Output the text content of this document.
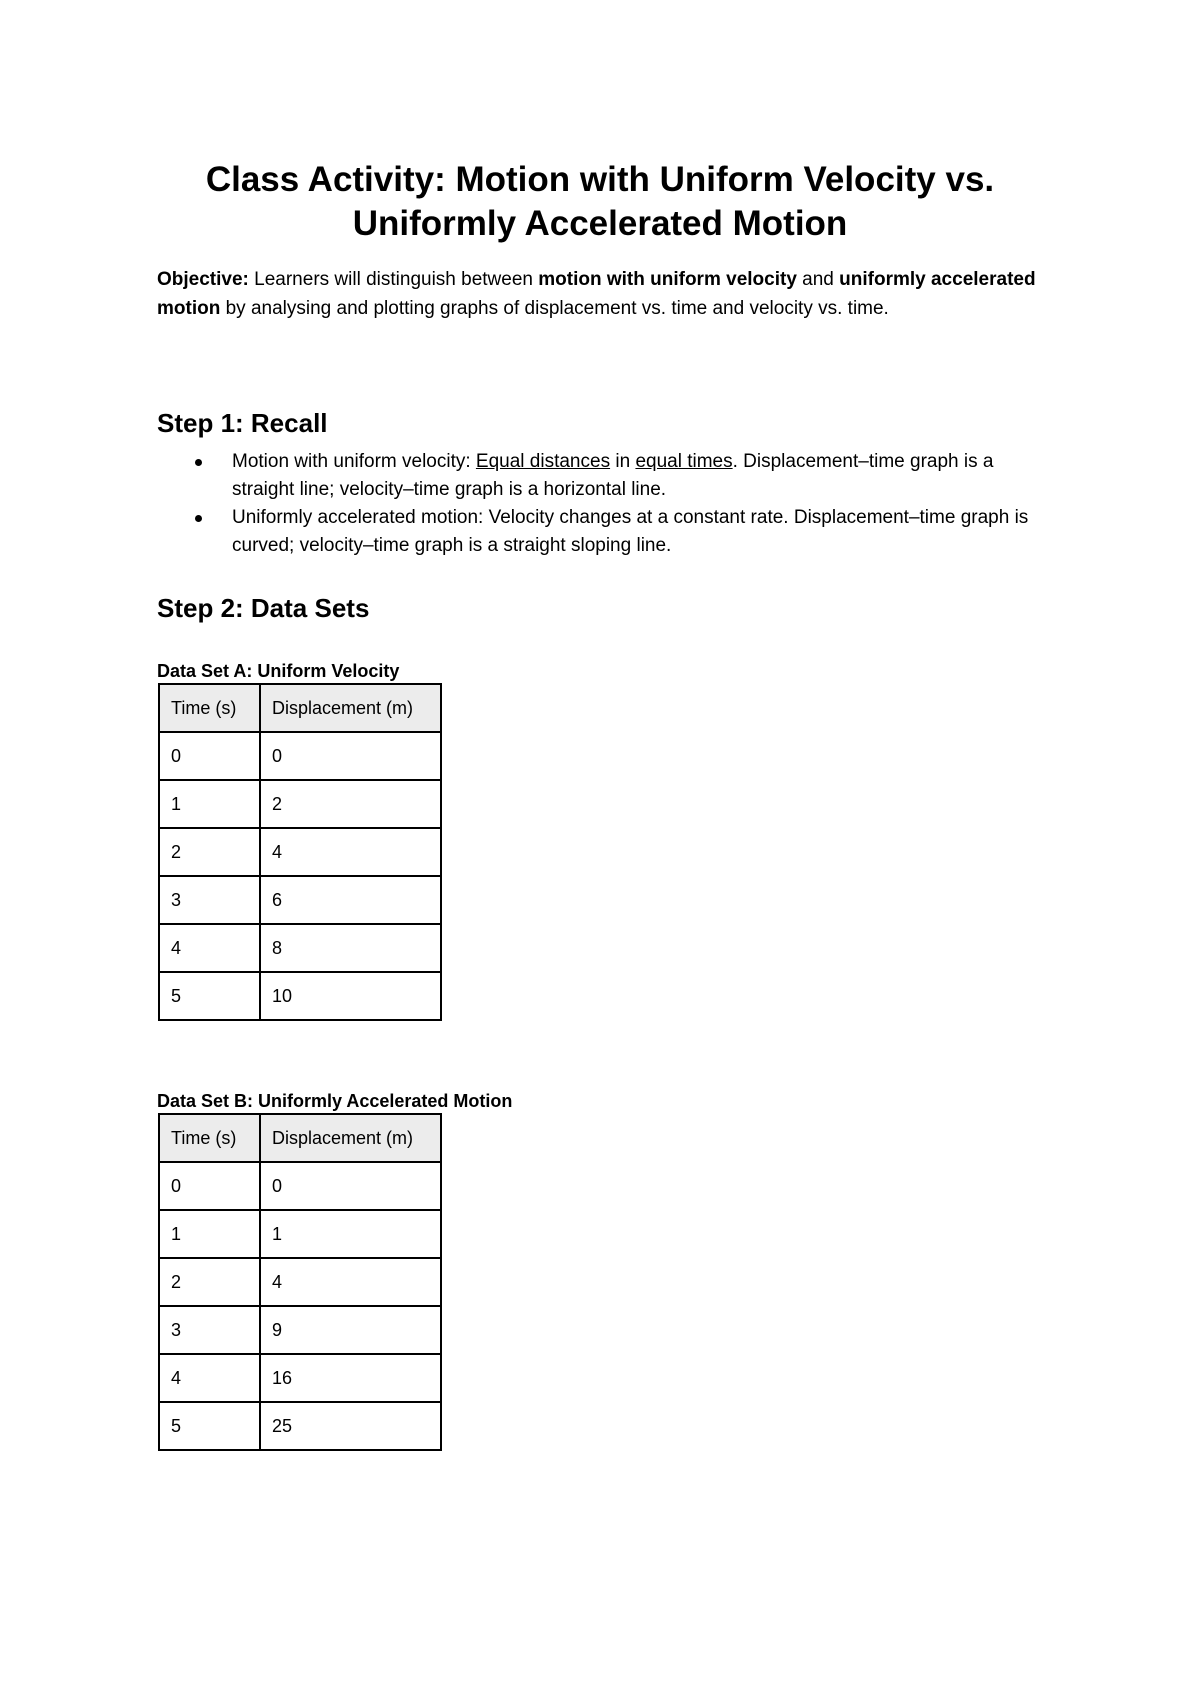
Class Activity: Motion with Uniform Velocity vs.
Uniformly Accelerated Motion

Objective: Learners will distinguish between motion with uniform velocity and uniformly accelerated motion by analysing and plotting graphs of displacement vs. time and velocity vs. time.

Step 1: Recall
Motion with uniform velocity: Equal distances in equal times. Displacement–time graph is a straight line; velocity–time graph is a horizontal line.
Uniformly accelerated motion: Velocity changes at a constant rate. Displacement–time graph is curved; velocity–time graph is a straight sloping line.
Step 2: Data Sets

Data Set A: Uniform Velocity

Time (s)	Displacement (m)
0	0
1	2
2	4
3	6
4	8
5	10

Data Set B: Uniformly Accelerated Motion

Time (s)	Displacement (m)
0	0
1	1
2	4
3	9
4	16
5	25
